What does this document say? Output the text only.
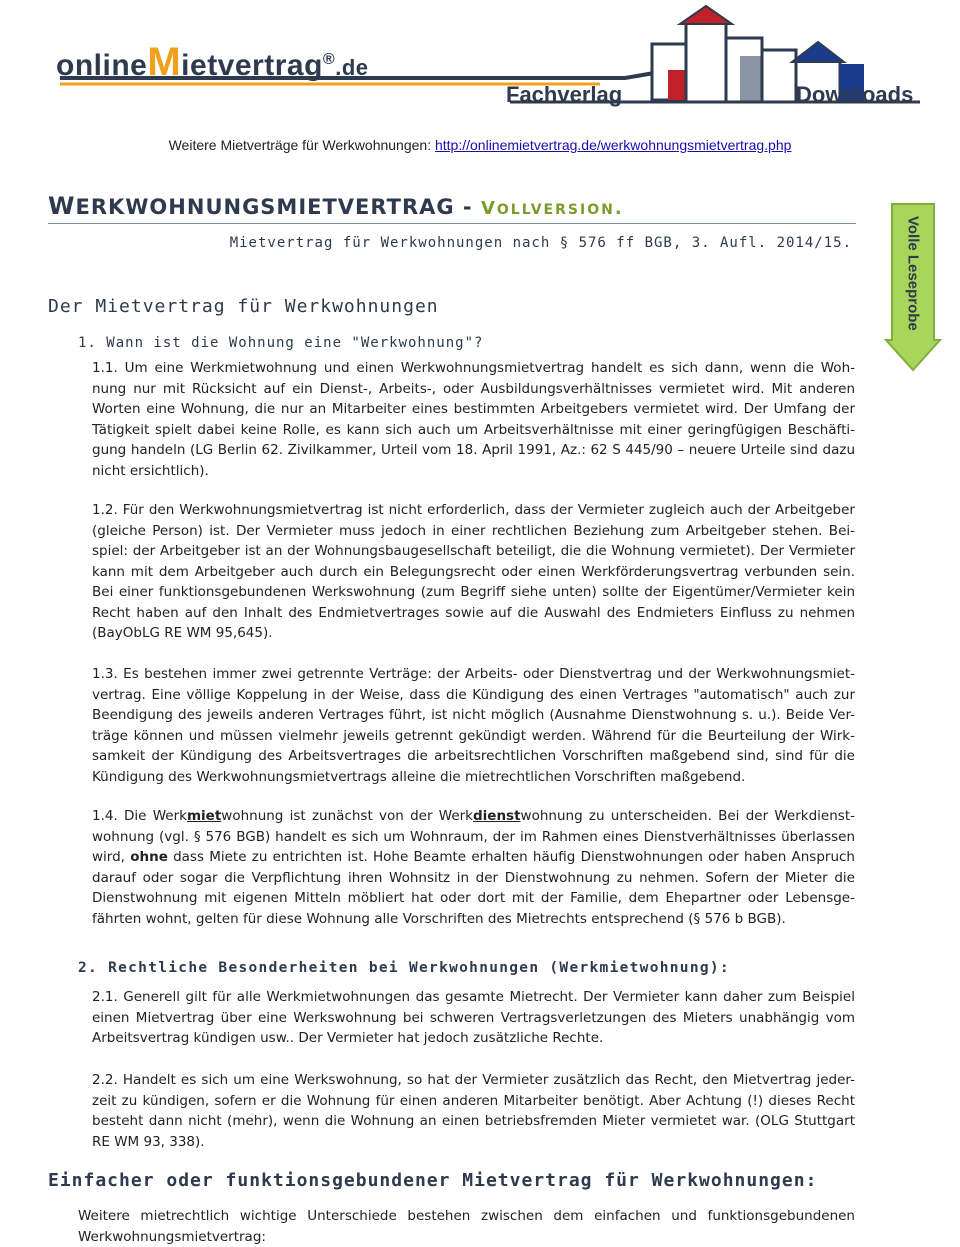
onlineMietvertrag®.de
Fachverlag	Downloads
Weitere Mietverträge für Werkwohnungen: http://onlinemietvertrag.de/werkwohnungsmietvertrag.php
WERKWOHNUNGSMIETVERTRAG - VOLLVERSION.
Mietvertrag für Werkwohnungen nach § 576 ff BGB, 3. Aufl. 2014/15.	Volle Leseprobe
Der Mietvertrag für Werkwohnungen
1. Wann ist die Wohnung eine "Werkwohnung"?
1.1. Um eine Werkmietwohnung und einen Werkwohnungsmietvertrag handelt es sich dann, wenn die Woh-nung nur mit Rücksicht auf ein Dienst-, Arbeits-, oder Ausbildungsverhältnisses vermietet wird. Mit anderen Worten eine Wohnung, die nur an Mitarbeiter eines bestimmten Arbeitgebers vermietet wird. Der Umfang der Tätigkeit spielt dabei keine Rolle, es kann sich auch um Arbeitsverhältnisse mit einer geringfügigen Beschäfti-gung handeln (LG Berlin 62. Zivilkammer, Urteil vom 18. April 1991, Az.: 62 S 445/90 – neuere Urteile sind dazu nicht ersichtlich).
1.2. Für den Werkwohnungsmietvertrag ist nicht erforderlich, dass der Vermieter zugleich auch der Arbeitgeber (gleiche Person) ist. Der Vermieter muss jedoch in einer rechtlichen Beziehung zum Arbeitgeber stehen. Bei-spiel: der Arbeitgeber ist an der Wohnungsbaugesellschaft beteiligt, die die Wohnung vermietet). Der Vermieter kann mit dem Arbeitgeber auch durch ein Belegungsrecht oder einen Werkförderungsvertrag verbunden sein. Bei einer funktionsgebundenen Werkswohnung (zum Begriff siehe unten) sollte der Eigentümer/Vermieter kein Recht haben auf den Inhalt des Endmietvertrages sowie auf die Auswahl des Endmieters Einfluss zu nehmen (BayObLG RE WM 95,645).
1.3. Es bestehen immer zwei getrennte Verträge: der Arbeits- oder Dienstvertrag und der Werkwohnungsmiet-vertrag. Eine völlige Koppelung in der Weise, dass die Kündigung des einen Vertrages "automatisch" auch zur Beendigung des jeweils anderen Vertrages führt, ist nicht möglich (Ausnahme Dienstwohnung s. u.). Beide Ver-träge können und müssen vielmehr jeweils getrennt gekündigt werden. Während für die Beurteilung der Wirk-samkeit der Kündigung des Arbeitsvertrages die arbeitsrechtlichen Vorschriften maßgebend sind, sind für die Kündigung des Werkwohnungsmietvertrags alleine die mietrechtlichen Vorschriften maßgebend.
1.4. Die Werkmietwohnung ist zunächst von der Werkdienstwohnung zu unterscheiden. Bei der Werkdienst-wohnung (vgl. § 576 BGB) handelt es sich um Wohnraum, der im Rahmen eines Dienstverhältnisses überlassen wird, ohne dass Miete zu entrichten ist. Hohe Beamte erhalten häufig Dienstwohnungen oder haben Anspruch darauf oder sogar die Verpflichtung ihren Wohnsitz in der Dienstwohnung zu nehmen. Sofern der Mieter die Dienstwohnung mit eigenen Mitteln möbliert hat oder dort mit der Familie, dem Ehepartner oder Lebensge-fährten wohnt, gelten für diese Wohnung alle Vorschriften des Mietrechts entsprechend (§ 576 b BGB).
2. Rechtliche Besonderheiten bei Werkwohnungen (Werkmietwohnung):
2.1. Generell gilt für alle Werkmietwohnungen das gesamte Mietrecht. Der Vermieter kann daher zum Beispiel einen Mietvertrag über eine Werkswohnung bei schweren Vertragsverletzungen des Mieters unabhängig vom Arbeitsvertrag kündigen usw.. Der Vermieter hat jedoch zusätzliche Rechte.
2.2. Handelt es sich um eine Werkswohnung, so hat der Vermieter zusätzlich das Recht, den Mietvertrag jeder-zeit zu kündigen, sofern er die Wohnung für einen anderen Mitarbeiter benötigt. Aber Achtung (!) dieses Recht besteht dann nicht (mehr), wenn die Wohnung an einen betriebsfremden Mieter vermietet war. (OLG Stuttgart RE WM 93, 338).
Einfacher oder funktionsgebundener Mietvertrag für Werkwohnungen:
Weitere mietrechtlich wichtige Unterschiede bestehen zwischen dem einfachen und funktionsgebundenen Werkwohnungsmietvertrag:
